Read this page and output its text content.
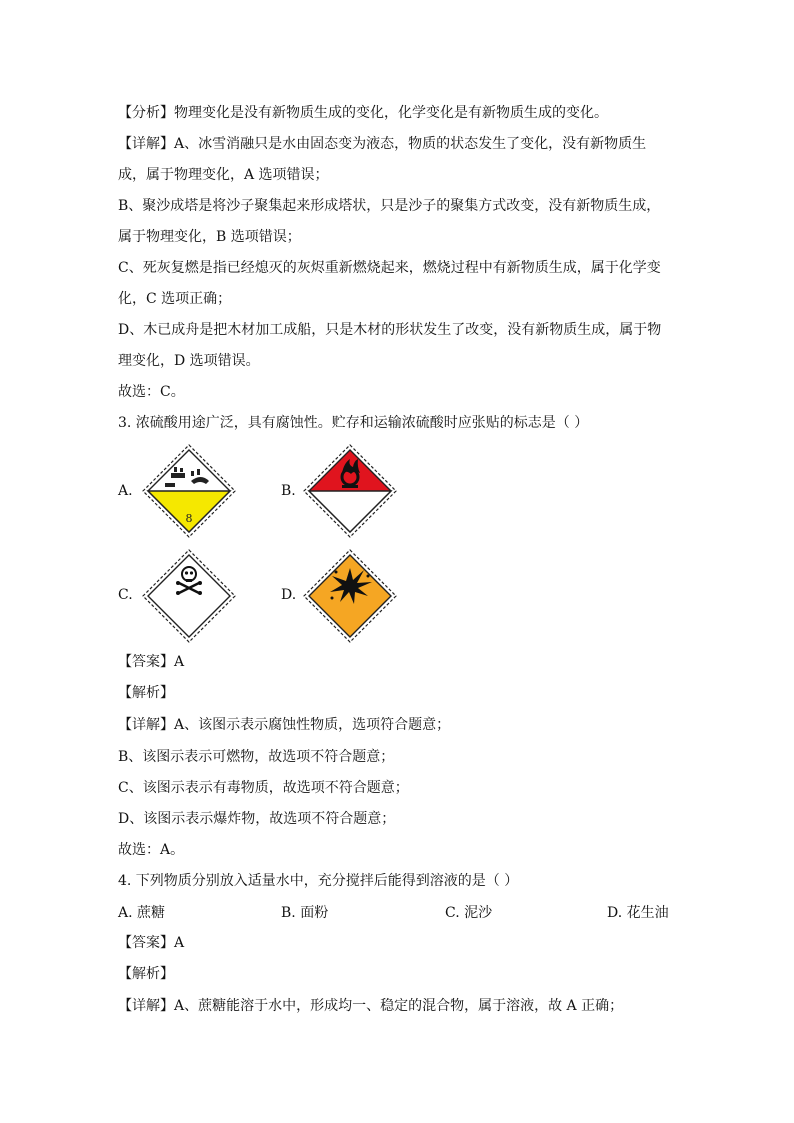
【分析】物理变化是没有新物质生成的变化，化学变化是有新物质生成的变化。
【详解】A、冰雪消融只是水由固态变为液态，物质的状态发生了变化，没有新物质生
成，属于物理变化，A 选项错误；
B、聚沙成塔是将沙子聚集起来形成塔状，只是沙子的聚集方式改变，没有新物质生成，
属于物理变化，B 选项错误；
C、死灰复燃是指已经熄灭的灰烬重新燃烧起来，燃烧过程中有新物质生成，属于化学变
化，C 选项正确；
D、木已成舟是把木材加工成船，只是木材的形状发生了改变，没有新物质生成，属于物
理变化，D 选项错误。
故选：C。
3. 浓硫酸用途广泛，具有腐蚀性。贮存和运输浓硫酸时应张贴的标志是（ ）
A.
8
B.
C.	D.
【答案】A
【解析】
【详解】A、该图示表示腐蚀性物质，选项符合题意；
B、该图示表示可燃物，故选项不符合题意；
C、该图示表示有毒物质，故选项不符合题意；
D、该图示表示爆炸物，故选项不符合题意；
故选：A。
4. 下列物质分别放入适量水中，充分搅拌后能得到溶液的是（ ）
A. 蔗糖	B. 面粉	C. 泥沙	D. 花生油
【答案】A
【解析】
【详解】A、蔗糖能溶于水中，形成均一、稳定的混合物，属于溶液，故 A 正确；
